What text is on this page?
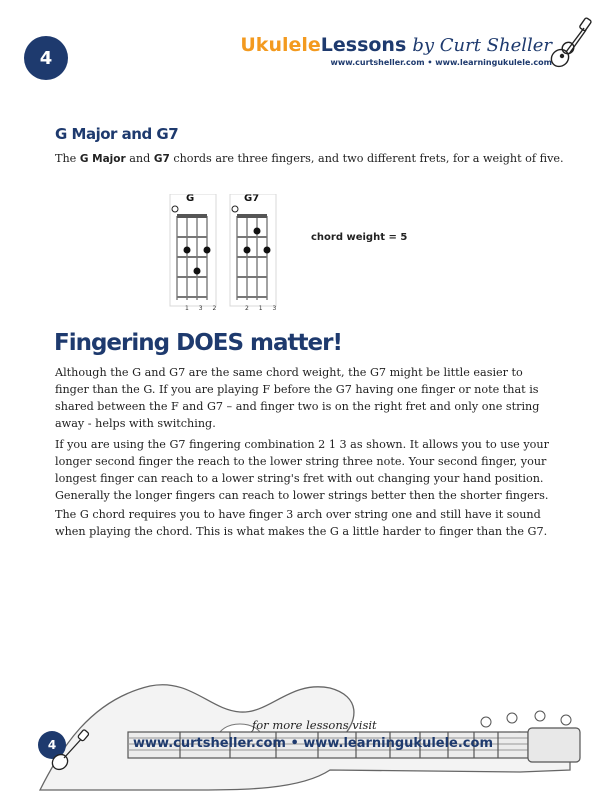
4
UkuleleLessons by Curt Sheller
www.curtsheller.com • www.learningukulele.com
G Major and G7
The G Major and G7 chords are three fingers, and two different frets, for a weight of five.
G
1 3 2
G7
2 1 3
chord weight = 5
Fingering DOES matter!
Although the G and G7 are the same chord weight, the G7 might be little easier to finger than the G. If you are playing F before the G7 having one finger or note that is shared between the F and G7 – and finger two is on the right fret and only one string away - helps with switching.
If you are using the G7 fingering combination 2 1 3 as shown. It allows you to use your longer second finger the reach to the lower string three note. Your second finger, your longest finger can reach to a lower string's fret with out changing your hand position. Generally the longer fingers can reach to lower strings better then the shorter fingers.
The G chord requires you to have finger 3 arch over string one and still have it sound when playing the chord. This is what makes the G a little harder to finger than the G7.
4
for more lessons visit
www.curtsheller.com • www.learningukulele.com
